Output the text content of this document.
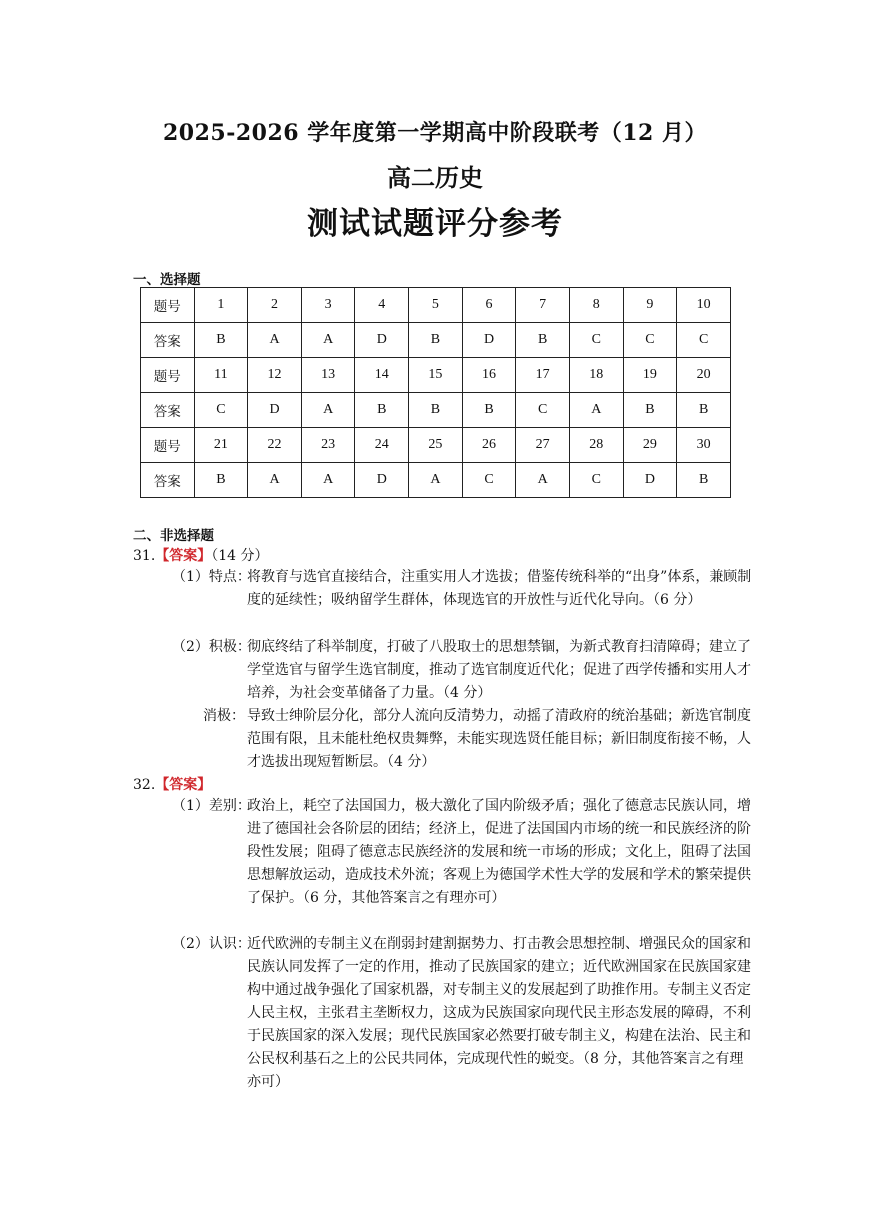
2025-2026 学年度第一学期高中阶段联考（12 月）
高二历史
测试试题评分参考
一、选择题
题号	1	2	3	4	5	6	7	8	9	10
答案	B	A	A	D	B	D	B	C	C	C
题号	11	12	13	14	15	16	17	18	19	20
答案	C	D	A	B	B	B	C	A	B	B
题号	21	22	23	24	25	26	27	28	29	30
答案	B	A	A	D	A	C	A	C	D	B
二、非选择题
31.【答案】（14 分）
（1）特点：
将教育与选官直接结合，注重实用人才选拔；借鉴传统科举的“出身”体系，兼顾制度的延续性；吸纳留学生群体，体现选官的开放性与近代化导向。（6 分）
（2）积极：
彻底终结了科举制度，打破了八股取士的思想禁锢，为新式教育扫清障碍；建立了学堂选官与留学生选官制度，推动了选官制度近代化；促进了西学传播和实用人才培养，为社会变革储备了力量。（4 分）
消极： 导致士绅阶层分化，部分人流向反清势力，动摇了清政府的统治基础；新选官制度范围有限，且未能杜绝权贵舞弊，未能实现选贤任能目标；新旧制度衔接不畅，人才选拔出现短暂断层。（4 分）
32.【答案】
（1）差别：
政治上，耗空了法国国力，极大激化了国内阶级矛盾；强化了德意志民族认同，增进了德国社会各阶层的团结；经济上，促进了法国国内市场的统一和民族经济的阶段性发展；阻碍了德意志民族经济的发展和统一市场的形成；文化上，阻碍了法国思想解放运动，造成技术外流；客观上为德国学术性大学的发展和学术的繁荣提供了保护。（6 分，其他答案言之有理亦可）
（2）认识：
近代欧洲的专制主义在削弱封建割据势力、打击教会思想控制、增强民众的国家和民族认同发挥了一定的作用，推动了民族国家的建立；近代欧洲国家在民族国家建构中通过战争强化了国家机器，对专制主义的发展起到了助推作用。专制主义否定人民主权，主张君主垄断权力，这成为民族国家向现代民主形态发展的障碍，不利于民族国家的深入发展；现代民族国家必然要打破专制主义，构建在法治、民主和公民权利基石之上的公民共同体，完成现代性的蜕变。（8 分，其他答案言之有理亦可）
